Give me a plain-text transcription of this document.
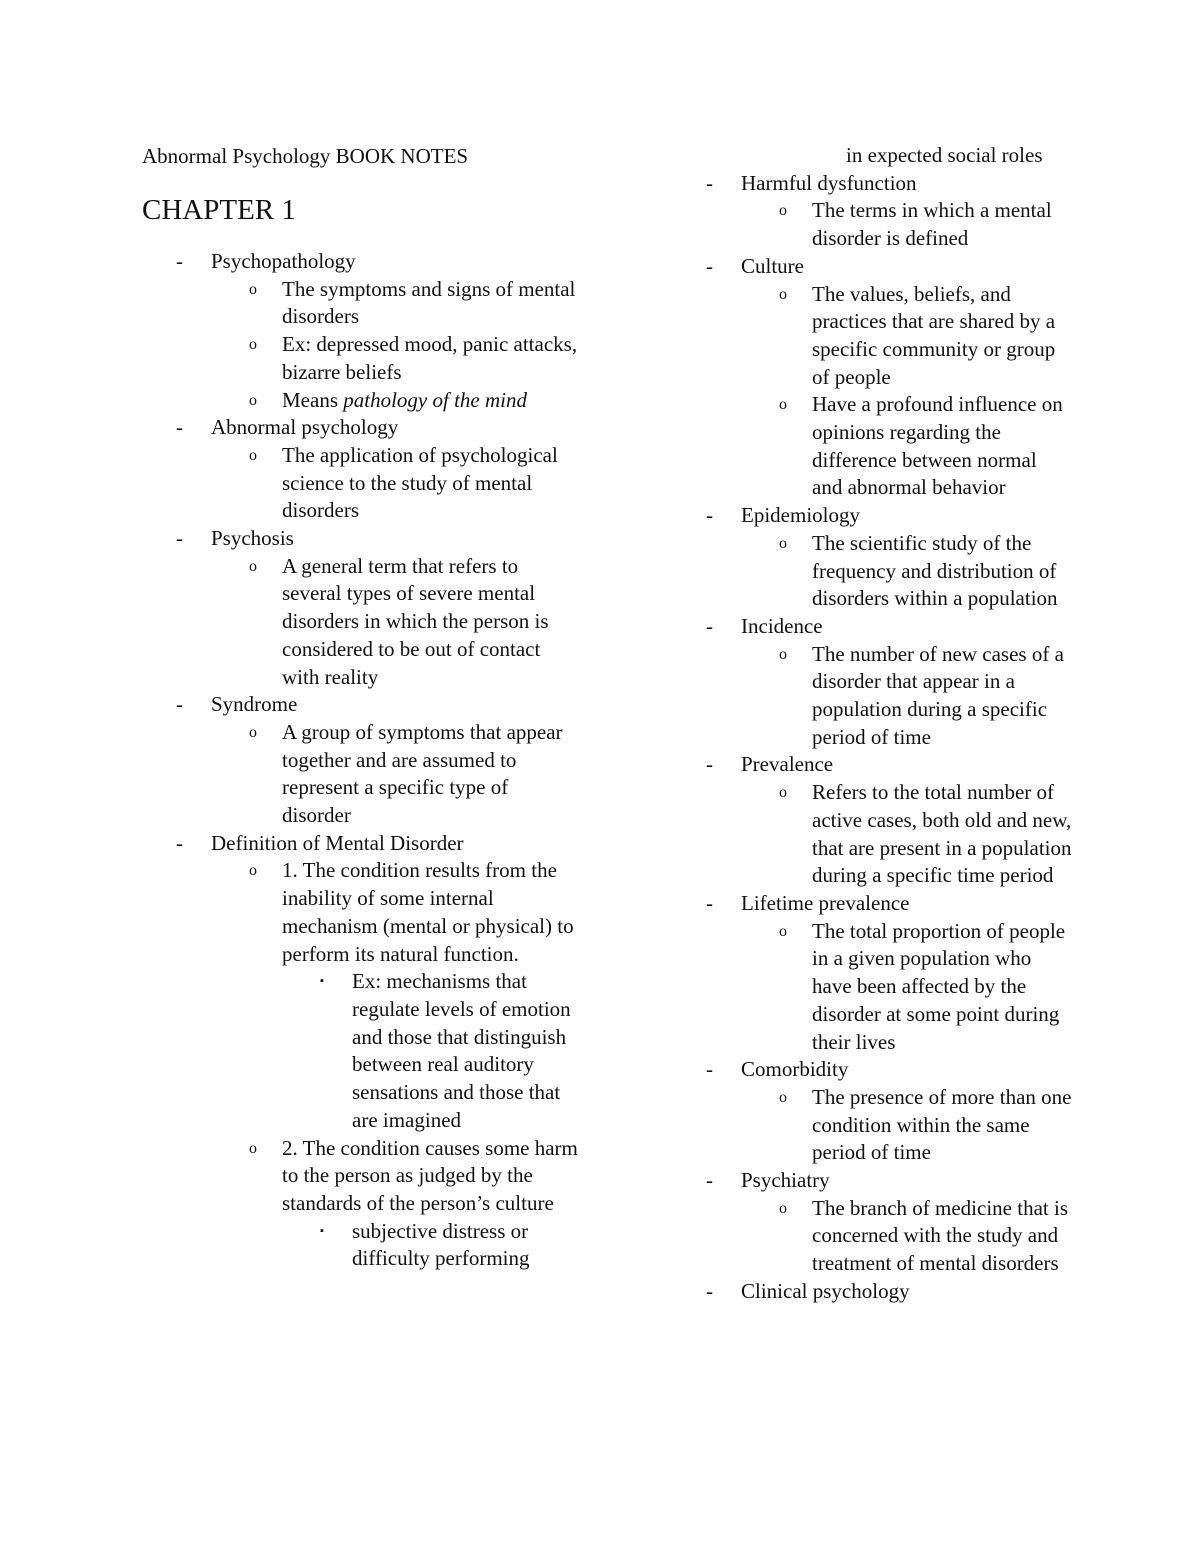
Abnormal Psychology BOOK NOTES
CHAPTER 1
- Psychopathology
o The symptoms and signs of mental disorders
o Ex: depressed mood, panic attacks, bizarre beliefs
o Means pathology of the mind
- Abnormal psychology
o The application of psychological science to the study of mental disorders
- Psychosis
o A general term that refers to several types of severe mental disorders in which the person is considered to be out of contact with reality
- Syndrome
o A group of symptoms that appear together and are assumed to represent a specific type of disorder
- Definition of Mental Disorder
o 1. The condition results from the inability of some internal mechanism (mental or physical) to perform its natural function.
▪ Ex: mechanisms that regulate levels of emotion and those that distinguish between real auditory sensations and those that are imagined
o 2. The condition causes some harm to the person as judged by the standards of the person’s culture
▪ subjective distress or difficulty performing
in expected social roles
- Harmful dysfunction
o The terms in which a mental disorder is defined
- Culture
o The values, beliefs, and practices that are shared by a specific community or group of people
o Have a profound influence on opinions regarding the difference between normal and abnormal behavior
- Epidemiology
o The scientific study of the frequency and distribution of disorders within a population
- Incidence
o The number of new cases of a disorder that appear in a population during a specific period of time
- Prevalence
o Refers to the total number of active cases, both old and new, that are present in a population during a specific time period
- Lifetime prevalence
o The total proportion of people in a given population who have been affected by the disorder at some point during their lives
- Comorbidity
o The presence of more than one condition within the same period of time
- Psychiatry
o The branch of medicine that is concerned with the study and treatment of mental disorders
- Clinical psychology
